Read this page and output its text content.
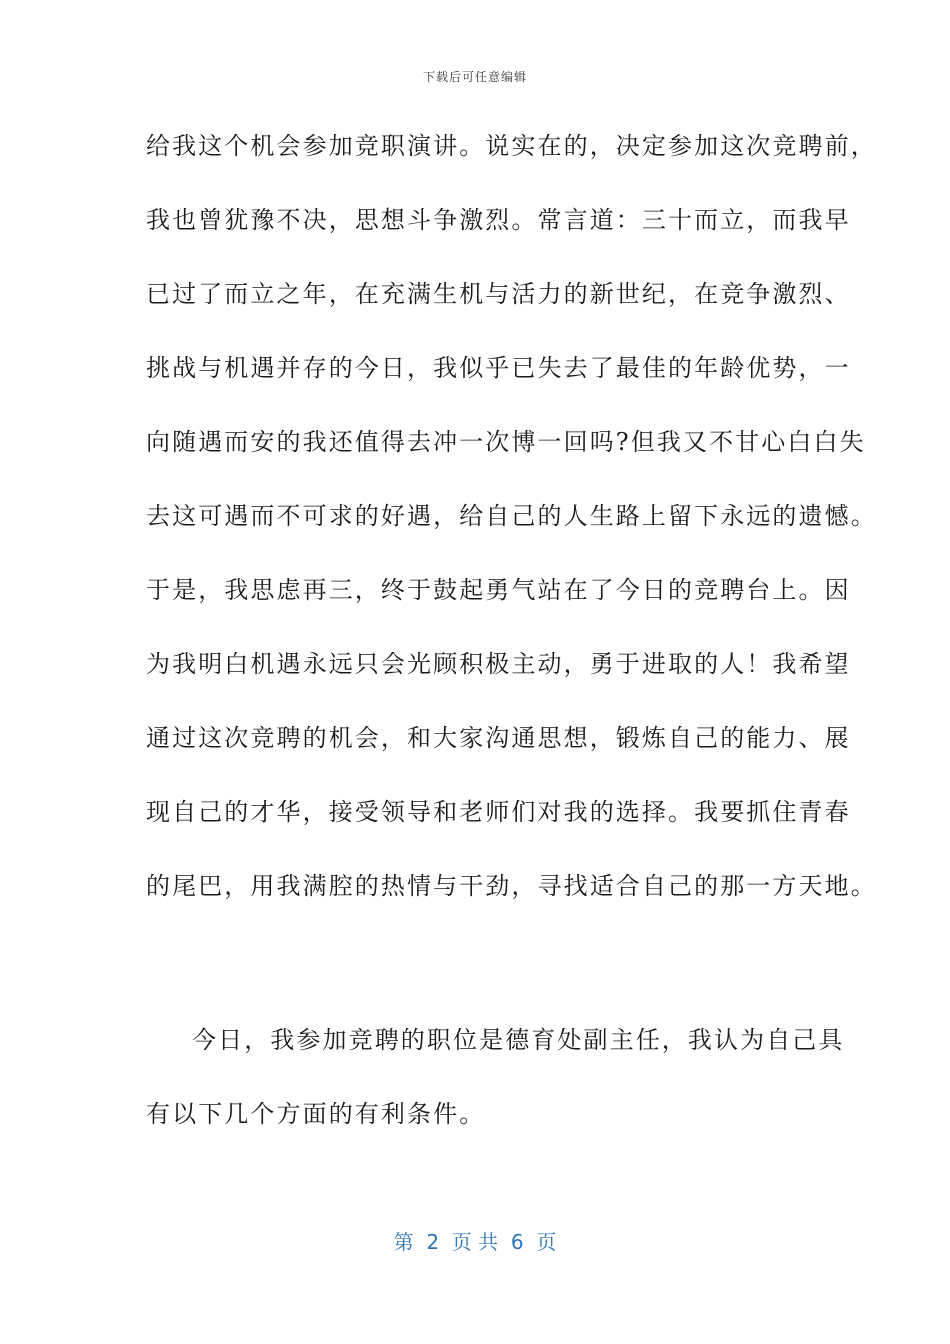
下载后可任意编辑
给我这个机会参加竞职演讲。说实在的，决定参加这次竞聘前，
我也曾犹豫不决，思想斗争激烈。常言道：三十而立，而我早
已过了而立之年，在充满生机与活力的新世纪，在竞争激烈、
挑战与机遇并存的今日，我似乎已失去了最佳的年龄优势，一
向随遇而安的我还值得去冲一次博一回吗?但我又不甘心白白失
去这可遇而不可求的好遇，给自己的人生路上留下永远的遗憾。
于是，我思虑再三，终于鼓起勇气站在了今日的竞聘台上。因
为我明白机遇永远只会光顾积极主动，勇于进取的人！我希望
通过这次竞聘的机会，和大家沟通思想，锻炼自己的能力、展
现自己的才华，接受领导和老师们对我的选择。我要抓住青春
的尾巴，用我满腔的热情与干劲，寻找适合自己的那一方天地。
今日，我参加竞聘的职位是德育处副主任，我认为自己具
有以下几个方面的有利条件。
第  2  页 共  6  页
